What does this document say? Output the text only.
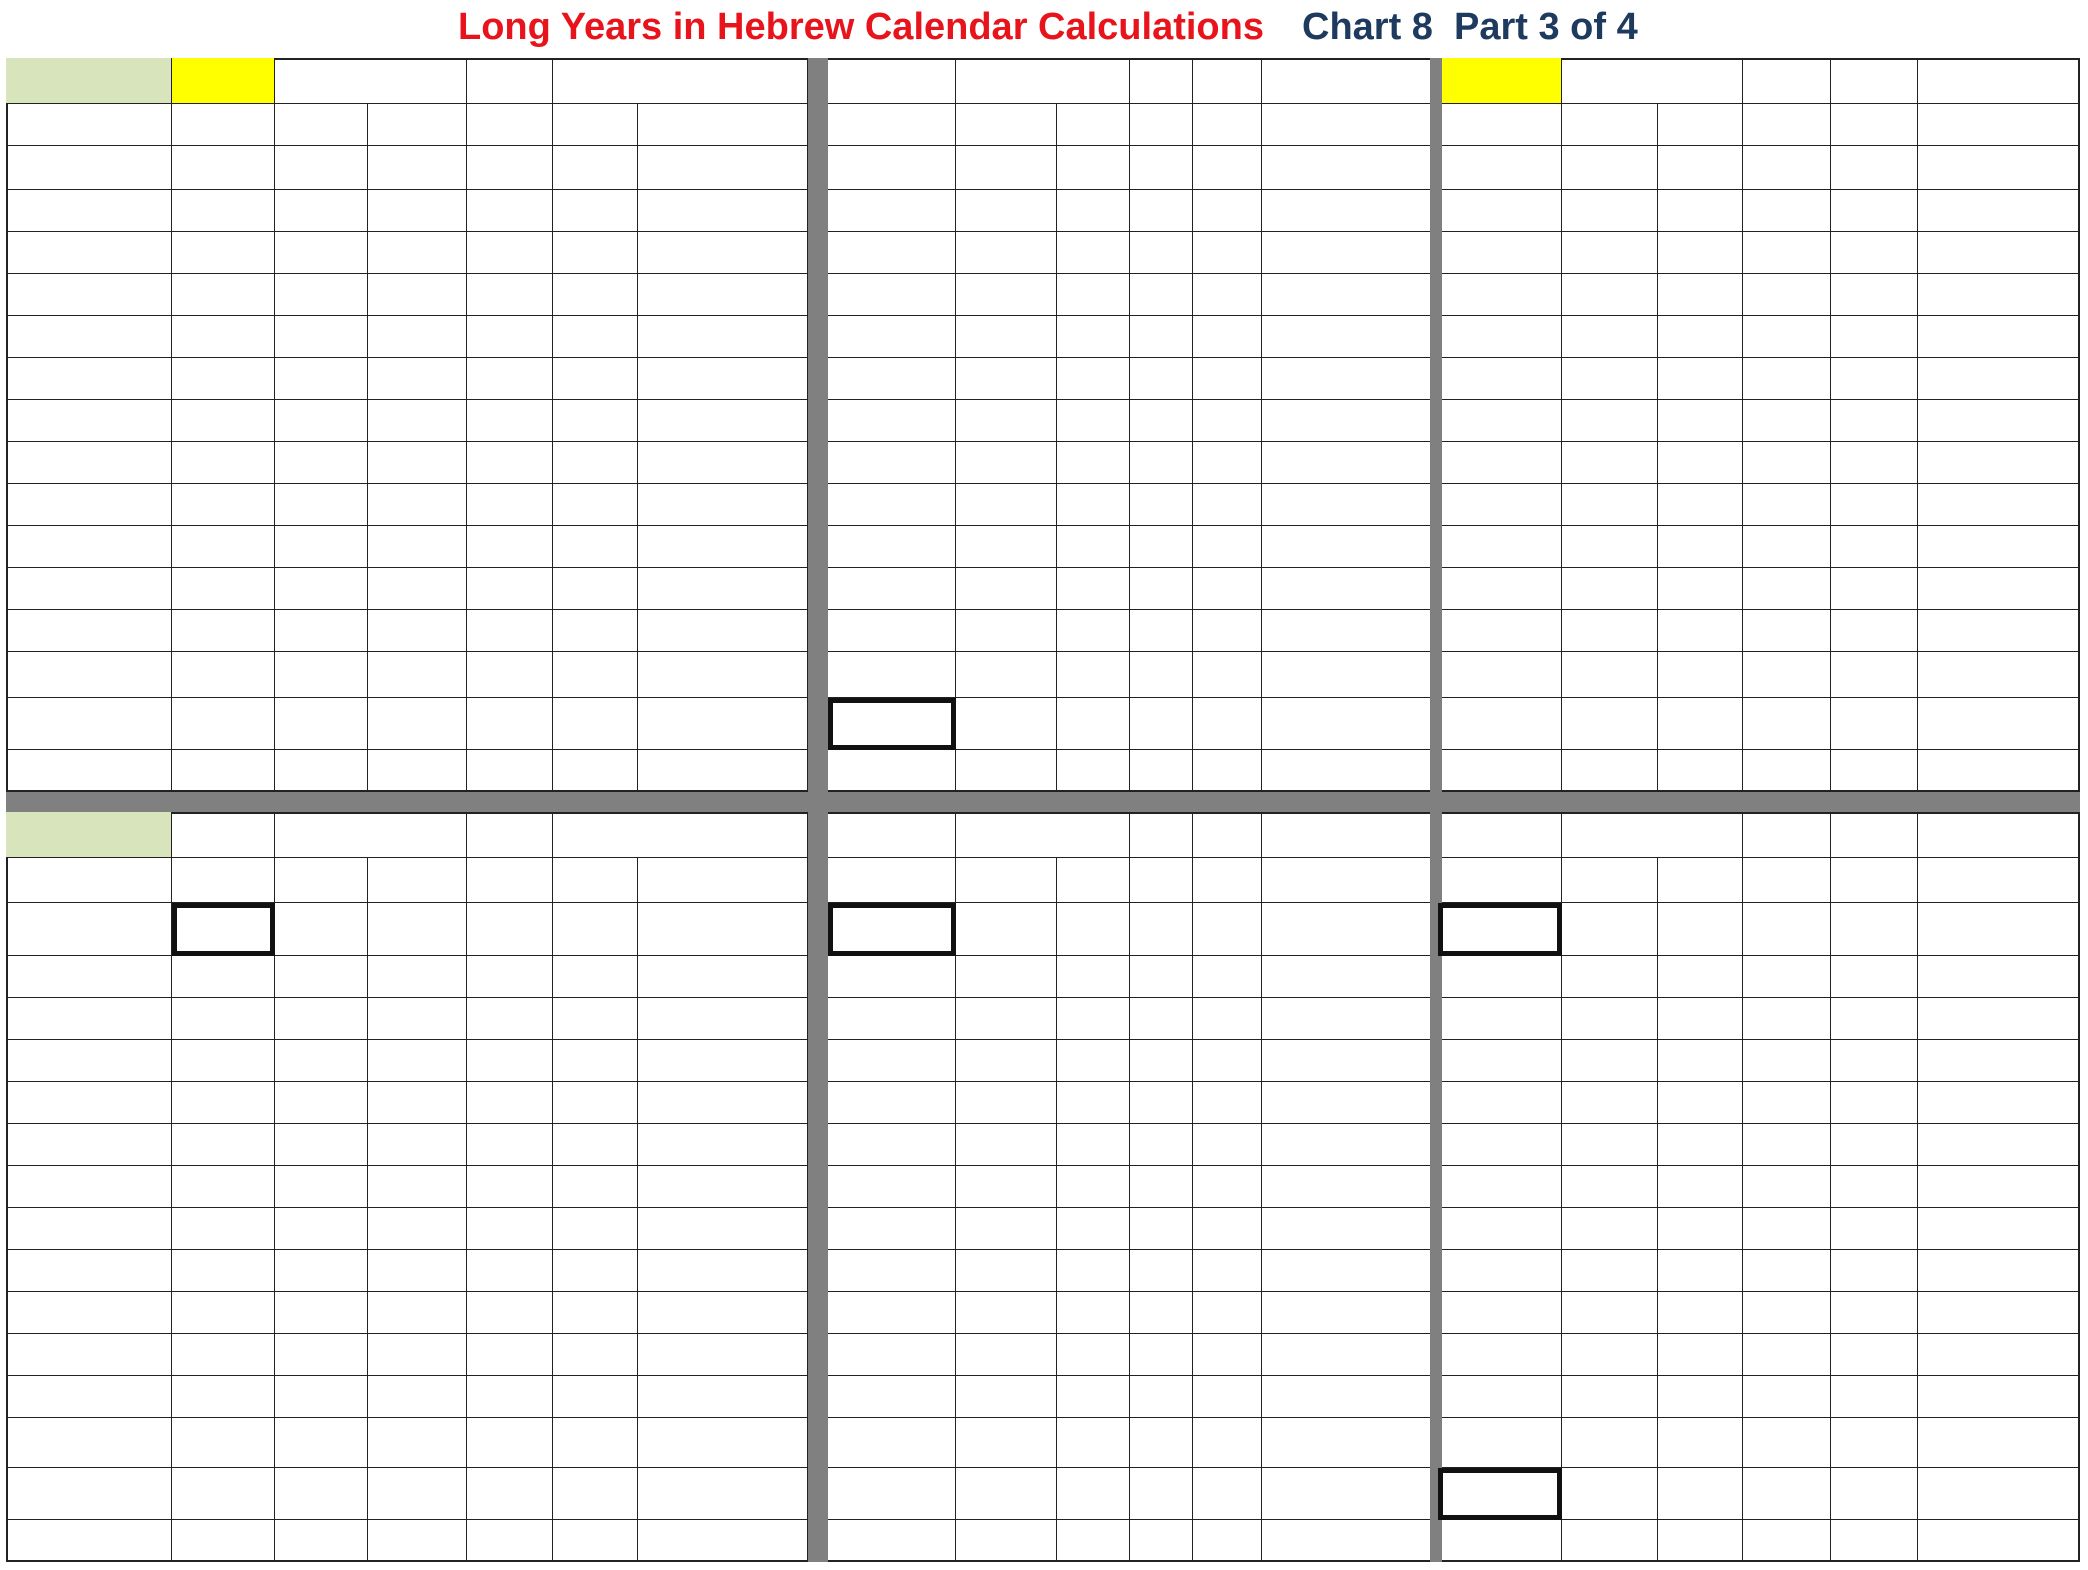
Long Years in Hebrew Calendar Calculations Chart 8 Part 3 of 4
